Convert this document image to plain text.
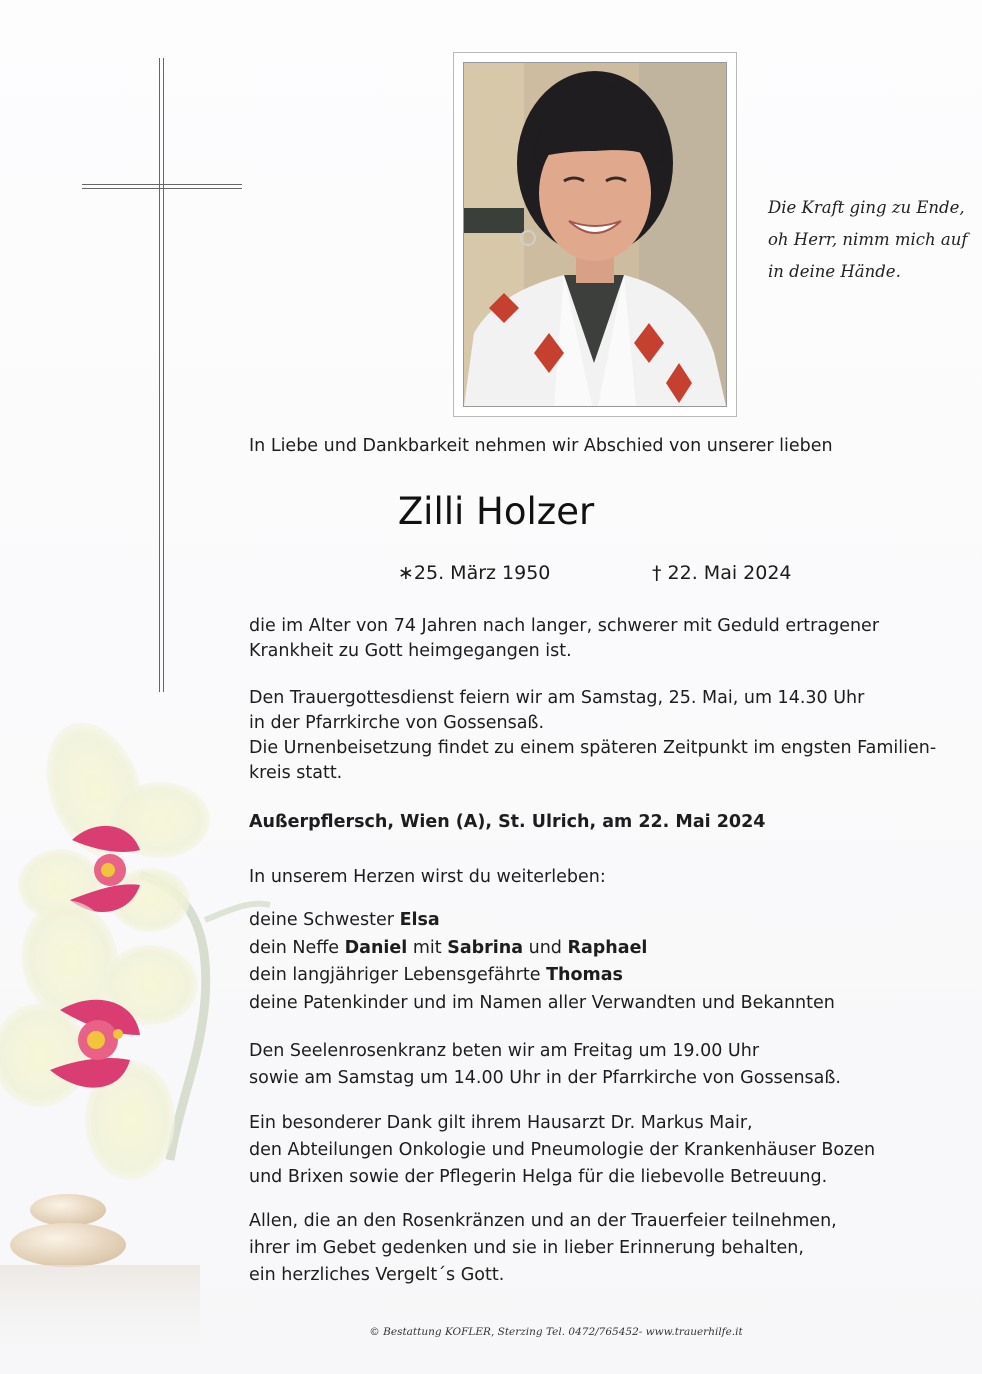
Die Kraft ging zu Ende,
oh Herr, nimm mich auf
in deine Hände.
In Liebe und Dankbarkeit nehmen wir Abschied von unserer lieben
Zilli Holzer
∗25. März 1950	† 22. Mai 2024
die im Alter von 74 Jahren nach langer, schwerer mit Geduld ertragener
Krankheit zu Gott heimgegangen ist.
Den Trauergottesdienst feiern wir am Samstag, 25. Mai, um 14.30 Uhr
in der Pfarrkirche von Gossensaß.
Die Urnenbeisetzung findet zu einem späteren Zeitpunkt im engsten Familien-
kreis statt.
Außerpflersch, Wien (A), St. Ulrich, am 22. Mai 2024
In unserem Herzen wirst du weiterleben:
deine Schwester Elsa
dein Neffe Daniel mit Sabrina und Raphael
dein langjähriger Lebensgefährte Thomas
deine Patenkinder und im Namen aller Verwandten und Bekannten
Den Seelenrosenkranz beten wir am Freitag um 19.00 Uhr
sowie am Samstag um 14.00 Uhr in der Pfarrkirche von Gossensaß.
Ein besonderer Dank gilt ihrem Hausarzt Dr. Markus Mair,
den Abteilungen Onkologie und Pneumologie der Krankenhäuser Bozen
und Brixen sowie der Pflegerin Helga für die liebevolle Betreuung.
Allen, die an den Rosenkränzen und an der Trauerfeier teilnehmen,
ihrer im Gebet gedenken und sie in lieber Erinnerung behalten,
ein herzliches Vergelt´s Gott.
© Bestattung KOFLER, Sterzing Tel. 0472/765452- www.trauerhilfe.it
